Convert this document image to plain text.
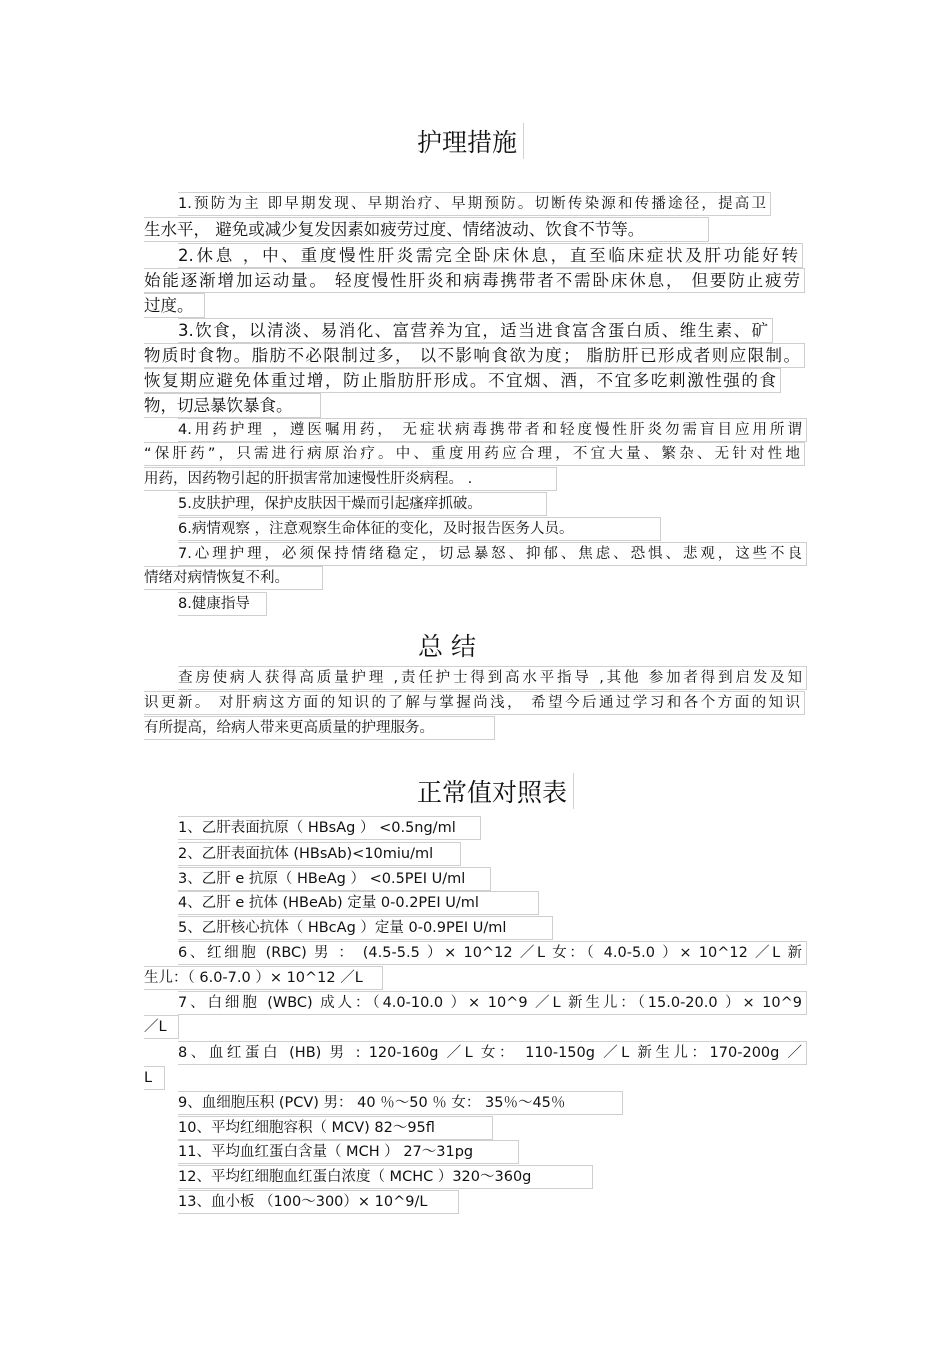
护理措施
1.预防为主 即早期发现、早期治疗、早期预防。切断传染源和传播途径，提高卫
生水平， 避免或减少复发因素如疲劳过度、情绪波动、饮食不节等。
2.休息 ，中、重度慢性肝炎需完全卧床休息，直至临床症状及肝功能好转
始能逐渐增加运动量。 轻度慢性肝炎和病毒携带者不需卧床休息， 但要防止疲劳
过度。
3.饮食，以清淡、易消化、富营养为宜，适当进食富含蛋白质、维生素、矿
物质时食物。脂肪不必限制过多， 以不影响食欲为度； 脂肪肝已形成者则应限制。
恢复期应避免体重过增，防止脂肪肝形成。不宜烟、酒，不宜多吃刺激性强的食
物，切忌暴饮暴食。
4.用药护理 ，遵医嘱用药， 无症状病毒携带者和轻度慢性肝炎勿需盲目应用所谓
“保肝药”，只需进行病原治疗。中、重度用药应合理，不宜大量、繁杂、无针对性地
用药，因药物引起的肝损害常加速慢性肝炎病程。 .
5.皮肤护理，保护皮肤因干燥而引起瘙痒抓破。
6.病情观察 ，注意观察生命体征的变化，及时报告医务人员。
7.心理护理，必须保持情绪稳定，切忌暴怒、抑郁、焦虑、恐惧、悲观，这些不良
情绪对病情恢复不利。
8.健康指导
总 结
查房使病人获得高质量护理 ,责任护士得到高水平指导 ,其他 参加者得到启发及知
识更新。 对肝病这方面的知识的了解与掌握尚浅， 希望今后通过学习和各个方面的知识
有所提高，给病人带来更高质量的护理服务。
正常值对照表
1、乙肝表面抗原（ HBsAg ） <0.5ng/ml
2、乙肝表面抗体 (HBsAb)<10miu/ml
3、乙肝 e 抗原（ HBeAg ） <0.5PEI U/ml
4、乙肝 e 抗体 (HBeAb) 定量 0-0.2PEI U/ml
5、乙肝核心抗体（ HBcAg ）定量 0-0.9PEI U/ml
6、红细胞 (RBC) 男 ： (4.5-5.5 ）× 10^12 ／L 女：（ 4.0-5.0 ）× 10^12 ／L 新
生儿：（ 6.0-7.0 ）× 10^12 ／L
7、白细胞 (WBC) 成人：（4.0-10.0 ）× 10^9 ／L 新生儿：（15.0-20.0 ）× 10^9
／L
8、血红蛋白 (HB) 男 : 120-160g ／L 女： 110-150g ／L 新生儿：170-200g ／
L
9、血细胞压积 (PCV) 男： 40 ％～50 ％ 女： 35％～45％
10、平均红细胞容积（ MCV) 82～95fl
11、平均血红蛋白含量（ MCH ） 27～31pg
12、平均红细胞血红蛋白浓度（ MCHC ）320～360g
13、血小板 （100～300）× 10^9/L
